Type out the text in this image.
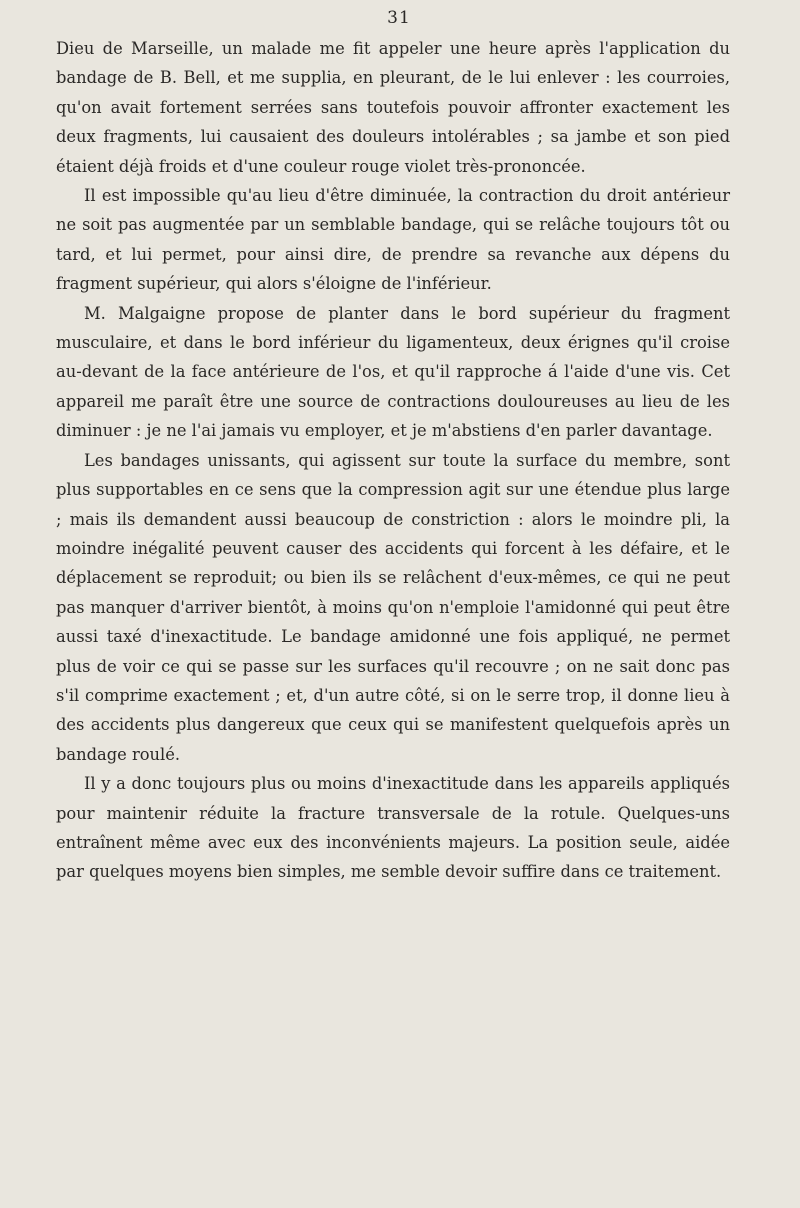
31

Dieu de Marseille, un malade me fit appeler une heure après l'application du bandage de B. Bell, et me supplia, en pleurant, de le lui enlever : les courroies, qu'on avait fortement serrées sans toutefois pouvoir affronter exactement les deux fragments, lui causaient des douleurs intolérables ; sa jambe et son pied étaient déjà froids et d'une couleur rouge violet très-prononcée.

Il est impossible qu'au lieu d'être diminuée, la contraction du droit antérieur ne soit pas augmentée par un semblable bandage, qui se relâche toujours tôt ou tard, et lui permet, pour ainsi dire, de prendre sa revanche aux dépens du fragment supérieur, qui alors s'éloigne de l'inférieur.

M. Malgaigne propose de planter dans le bord supérieur du fragment musculaire, et dans le bord inférieur du ligamenteux, deux érignes qu'il croise au-devant de la face antérieure de l'os, et qu'il rapproche á l'aide d'une vis. Cet appareil me paraît être une source de contractions douloureuses au lieu de les diminuer : je ne l'ai jamais vu employer, et je m'abstiens d'en parler davantage.

Les bandages unissants, qui agissent sur toute la surface du membre, sont plus supportables en ce sens que la compression agit sur une étendue plus large ; mais ils demandent aussi beaucoup de constriction : alors le moindre pli, la moindre inégalité peuvent causer des accidents qui forcent à les défaire, et le déplacement se reproduit; ou bien ils se relâchent d'eux-mêmes, ce qui ne peut pas manquer d'arriver bientôt, à moins qu'on n'emploie l'amidonné qui peut être aussi taxé d'inexactitude. Le bandage amidonné une fois appliqué, ne permet plus de voir ce qui se passe sur les surfaces qu'il recouvre ; on ne sait donc pas s'il comprime exactement ; et, d'un autre côté, si on le serre trop, il donne lieu à des accidents plus dangereux que ceux qui se manifestent quelquefois après un bandage roulé.

Il y a donc toujours plus ou moins d'inexactitude dans les appareils appliqués pour maintenir réduite la fracture transversale de la rotule. Quelques-uns entraînent même avec eux des inconvénients majeurs. La position seule, aidée par quelques moyens bien simples, me semble devoir suffire dans ce traitement.
